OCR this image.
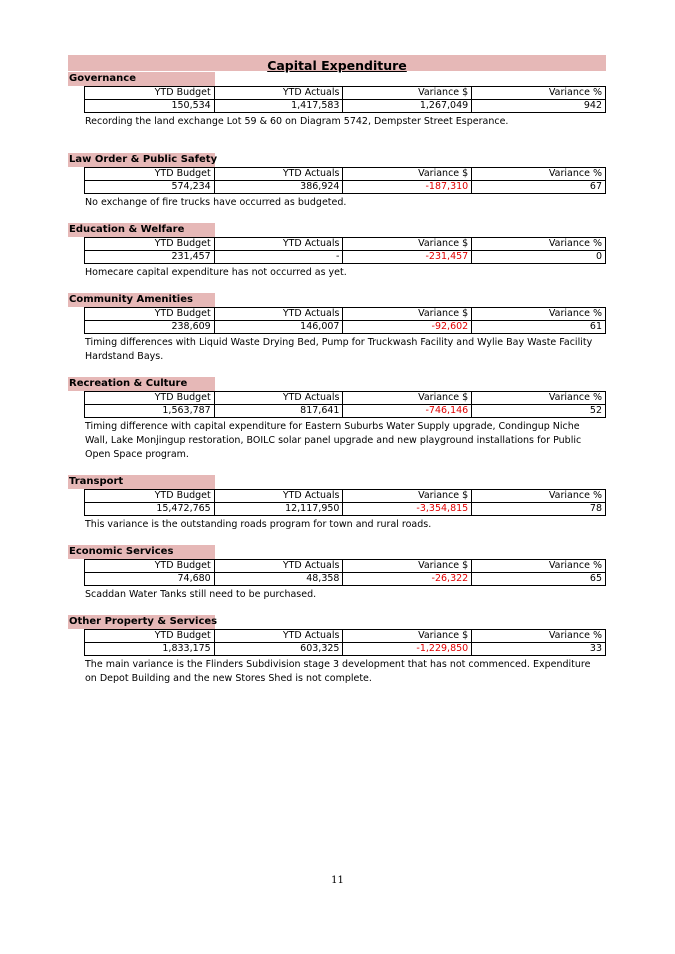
Capital Expenditure
Governance
YTD Budget	YTD Actuals	Variance $	Variance %
150,534	1,417,583	1,267,049	942
Recording the land exchange Lot 59 & 60 on Diagram 5742, Dempster Street Esperance.
Law Order & Public Safety
YTD Budget	YTD Actuals	Variance $	Variance %
574,234	386,924	-187,310	67
No exchange of fire trucks have occurred as budgeted.
Education & Welfare
YTD Budget	YTD Actuals	Variance $	Variance %
231,457	-	-231,457	0
Homecare capital expenditure has not occurred as yet.
Community Amenities
YTD Budget	YTD Actuals	Variance $	Variance %
238,609	146,007	-92,602	61
Timing differences with Liquid Waste Drying Bed, Pump for Truckwash Facility and Wylie Bay Waste Facility Hardstand Bays.
Recreation & Culture
YTD Budget	YTD Actuals	Variance $	Variance %
1,563,787	817,641	-746,146	52
Timing difference with capital expenditure for Eastern Suburbs Water Supply upgrade, Condingup Niche Wall, Lake Monjingup restoration, BOILC solar panel upgrade and new playground installations for Public Open Space program.
Transport
YTD Budget	YTD Actuals	Variance $	Variance %
15,472,765	12,117,950	-3,354,815	78
This variance is the outstanding roads program for town and rural roads.
Economic Services
YTD Budget	YTD Actuals	Variance $	Variance %
74,680	48,358	-26,322	65
Scaddan Water Tanks still need to be purchased.
Other Property & Services
YTD Budget	YTD Actuals	Variance $	Variance %
1,833,175	603,325	-1,229,850	33
The main variance is the Flinders Subdivision stage 3 development that has not commenced. Expenditure on Depot Building and the new Stores Shed is not complete.
11
